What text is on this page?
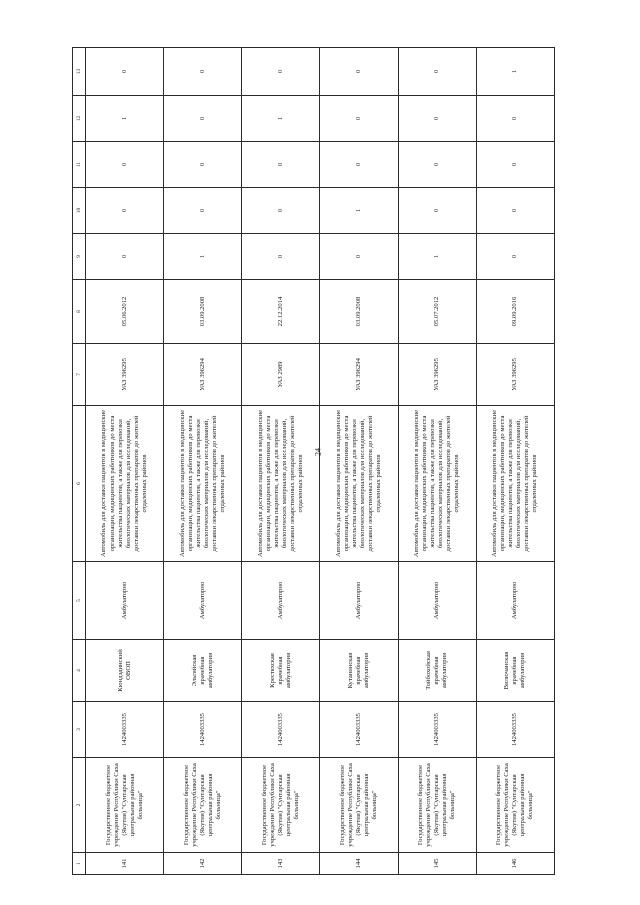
24
1	2	3	4	5	6	7	8	9	10	11	12	13
141	Государственное бюджетное учреждение Республики Саха (Якутия) "Сунтарская центральная районная больница"	1424003335	Кюндэдинский ОВОП	Амбулаторно	Автомобиль для доставки пациентов в медицинские организации, медицинских работников до места жительства пациентов, а также для перевозки биологических материалов для исследований, доставки лекарственных препаратов до жителей отдаленных районов	УАЗ 396295	05.06.2012	0	0	0	1	0
142	Государственное бюджетное учреждение Республики Саха (Якутия) "Сунтарская центральная районная больница"	1424003335	Эльгяйская врачебная амбулатория	Амбулаторно	Автомобиль для доставки пациентов в медицинские организации, медицинских работников до места жительства пациентов, а также для перевозки биологических материалов для исследований, доставки лекарственных препаратов до жителей отдаленных районов	УАЗ 396294	03.09.2008	1	0	0	0	0
143	Государственное бюджетное учреждение Республики Саха (Якутия) "Сунтарская центральная районная больница"	1424003335	Крестяхская врачебная амбулатория	Амбулаторно	Автомобиль для доставки пациентов в медицинские организации, медицинских работников до места жительства пациентов, а также для перевозки биологических материалов для исследований, доставки лекарственных препаратов до жителей отдаленных районов	УАЗ 2989	22.12.2014	0	0	0	1	0
144	Государственное бюджетное учреждение Республики Саха (Якутия) "Сунтарская центральная районная больница"	1424003335	Кутанинская врачебная амбулатория	Амбулаторно	Автомобиль для доставки пациентов в медицинские организации, медицинских работников до места жительства пациентов, а также для перевозки биологических материалов для исследований, доставки лекарственных препаратов до жителей отдаленных районов	УАЗ 396294	03.09.2008	0	1	0	0	0
145	Государственное бюджетное учреждение Республики Саха (Якутия) "Сунтарская центральная районная больница"	1424003335	Тойбохойская врачебная амбулатория	Амбулаторно	Автомобиль для доставки пациентов в медицинские организации, медицинских работников до места жительства пациентов, а также для перевозки биологических материалов для исследований, доставки лекарственных препаратов до жителей отдаленных районов	УАЗ 396295	05.07.2012	1	0	0	0	0
146	Государственное бюджетное учреждение Республики Саха (Якутия) "Сунтарская центральная районная больница"	1424003335	Вилючанская врачебная амбулатория	Амбулаторно	Автомобиль для доставки пациентов в медицинские организации, медицинских работников до места жительства пациентов, а также для перевозки биологических материалов для исследований, доставки лекарственных препаратов до жителей отдаленных районов	УАЗ 396295	09.09.2016	0	0	0	0	1
